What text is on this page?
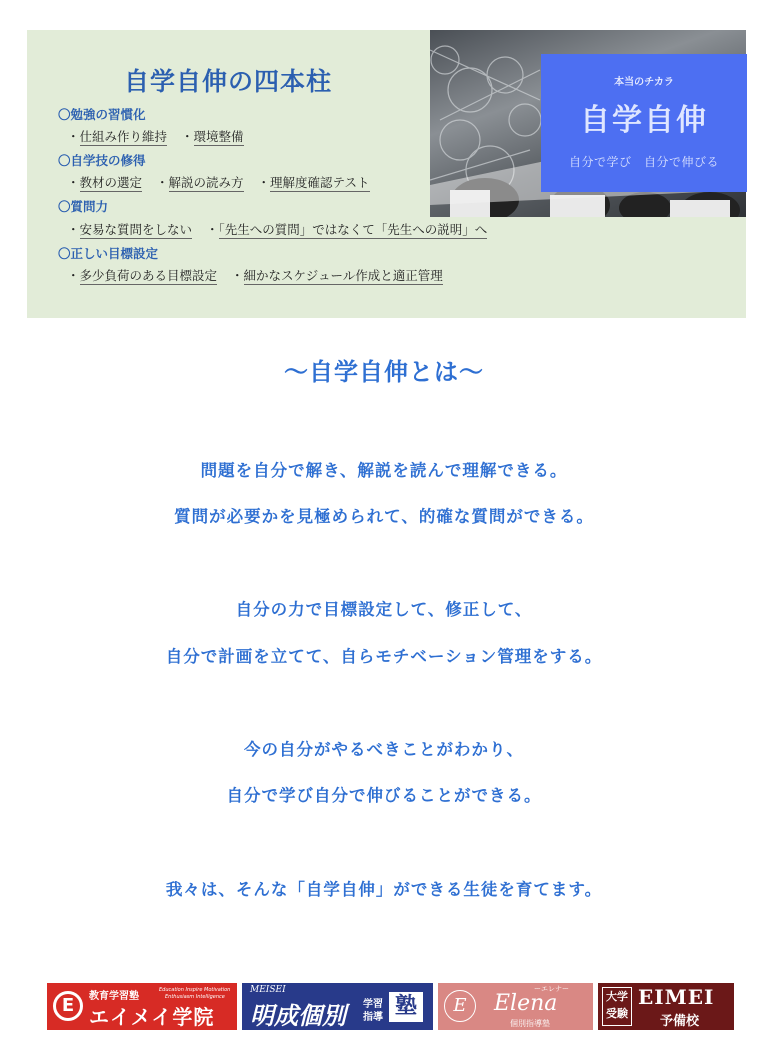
自学自伸の四本柱
〇勉強の習慣化
・仕組み作り維持 ・環境整備
〇自学技の修得
・教材の選定 ・解説の読み方 ・理解度確認テスト
〇質問力
・安易な質問をしない ・「先生への質問」ではなくて「先生への説明」へ
〇正しい目標設定
・多少負荷のある目標設定 ・細かなスケジュール作成と適正管理
本当のチカラ
自学自伸
自分で学び　自分で伸びる
～自学自伸とは～
問題を自分で解き、解説を読んで理解できる。
質問が必要かを見極められて、的確な質問ができる。
自分の力で目標設定して、修正して、
自分で計画を立てて、自らモチベーション管理をする。
今の自分がやるべきことがわかり、
自分で学び自分で伸びることができる。
我々は、そんな「自学自伸」ができる生徒を育てます。
E	教育学習塾
Education Inspire Motivation
Enthusiasm Intelligence
エイメイ学院
MEISEI
明成個別 学習
指導 塾	E
ーエレナー
Elena
個別指導塾
大学
受験
EIMEI
予備校
